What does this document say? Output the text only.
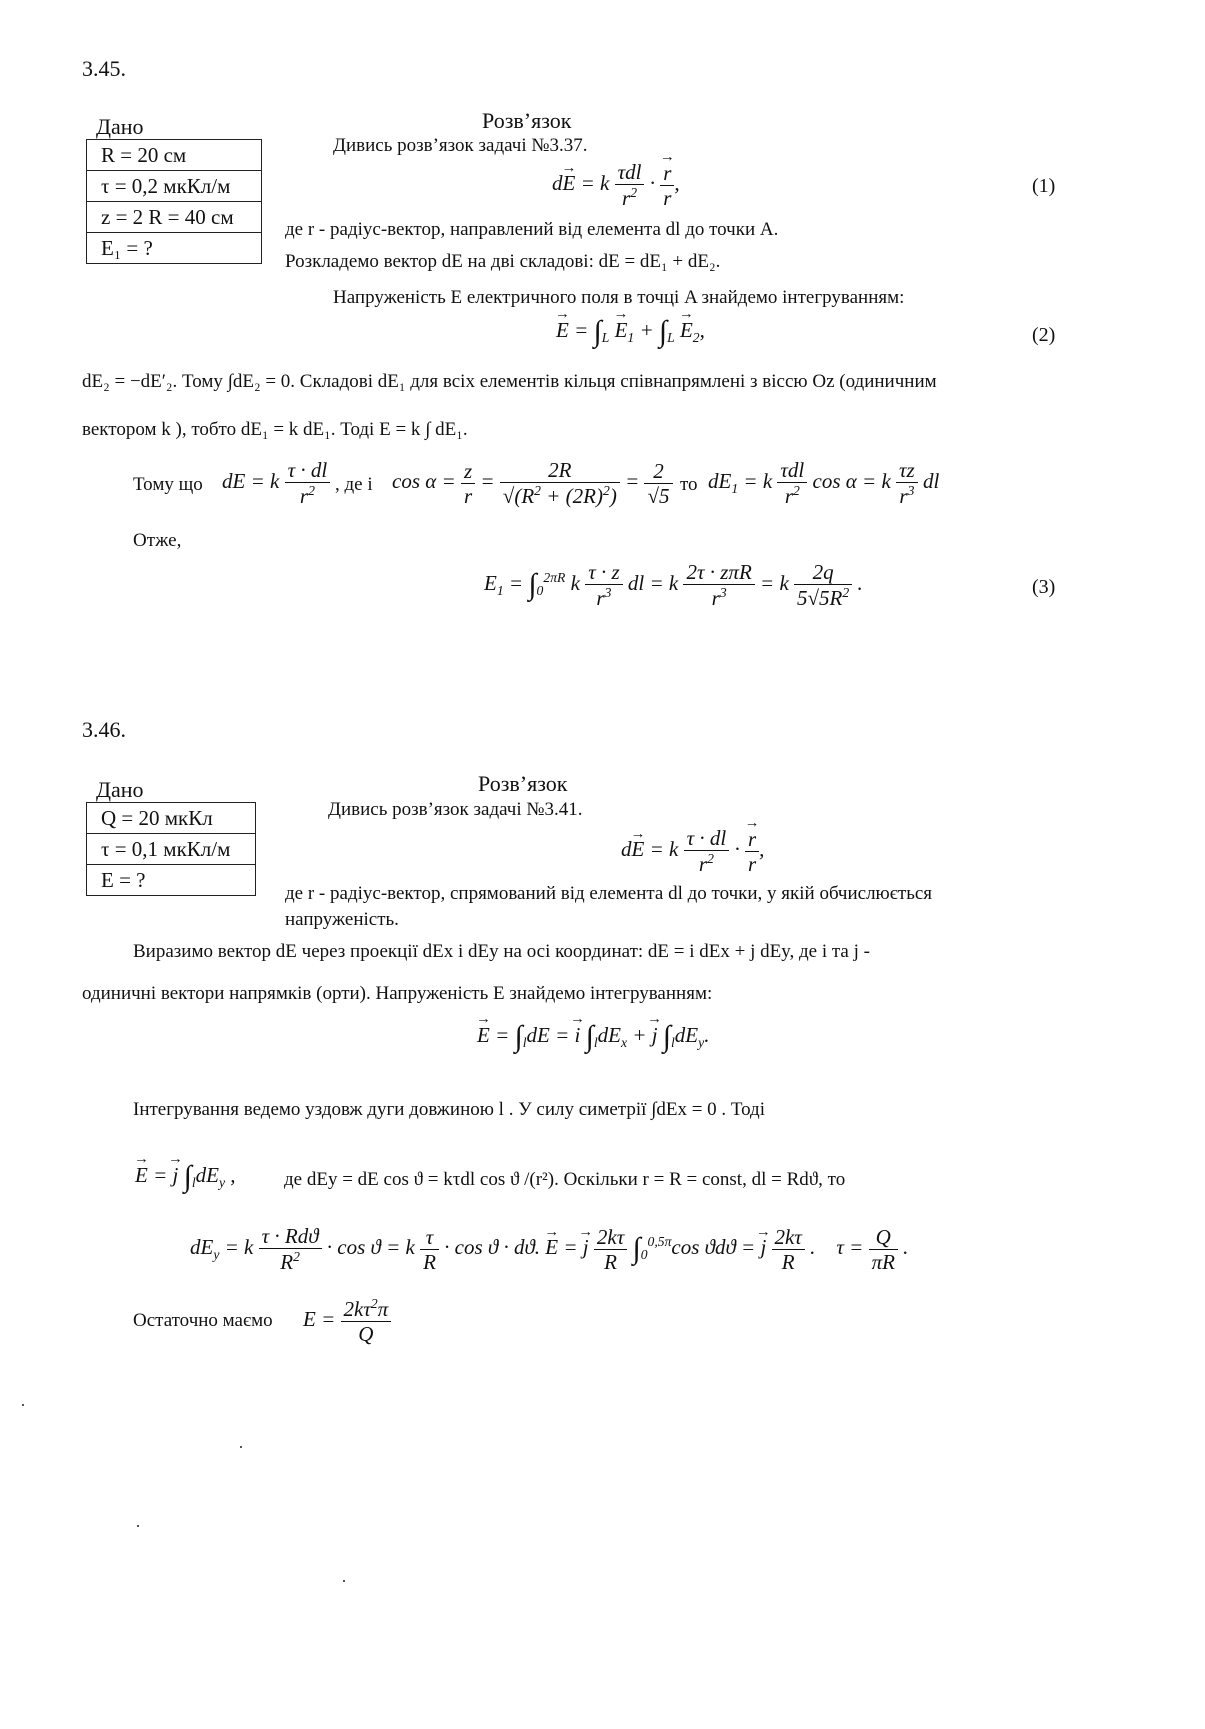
3.45.
Дано
R = 20 см
τ = 0,2 мкКл/м
z = 2 R = 40 см
E₁ = ?
Розв’язок
Дивись розв’язок задачі №3.37.
d→ E = k $\frac{\text{τdl}}{r^2}$ · → $\frac{r}{r}$ ,	(1)
де r - радіус-вектор, направлений від елемента dl до точки A.
Розкладемо вектор dE на дві складові: dE = dE₁ + dE₂.
Напруженість E електричного поля в точці A знайдемо інтегруванням:
→ $E = \int_L \to E_1 + \int_L \to E_2$,	(2)
dE₂ = −dE′₂. Тому ∫dE₂ = 0. Складові dE₁ для всіх елементів кільця співнапрямлені з віссю Oz (одиничним
вектором k ), тобто dE₁ = k dE₁. Тоді E = k ∫ dE₁.
Тому що dE = k $\frac{\tau \cdot dl}{r^2}$ , де і $\cos \alpha = \frac{z}{r} = \frac{2R}{√(R^2 + (2R)^2)} = \frac{2}{√5}$ то $dE_1 = k \frac{\text{τdl}}{r^2}$ cos α = k $\frac{\tau z}{r^3}$ dl
Отже,
$E_1 = \int_0^{2\pi R}$ k $\frac{\tau \cdot z}{r^3}$ dl = k $\frac{\text{2τ · zπR}}{r^3} = k \frac{2q}{5√5R^2}$ .	(3)
3.46.
Дано
Q = 20 мкКл
τ = 0,1 мкКл/м
E = ?
Розв’язок
Дивись розв’язок задачі №3.41.
d→ E = k $\frac{\tau \cdot dl}{r^2}$ · → $\frac{r}{r}$ ,
де r - радіус-вектор, спрямований від елемента dl до точки, у якій обчислюється
напруженість.
Виразимо вектор dE через проекції dEx і dEy на осі координат: dE = i dEx + j dEy, де i та j -
одиничні вектори напрямків (орти). Напруженість E знайдемо інтегруванням:
→ $E = \int_ldE$ = → i $\int_ldE_x$ + → j $\int_ldE_y$.
Інтегрування ведемо уздовж дуги довжиною l . У силу симетрії ∫dEx = 0 . Тоді
→ E = → j $\int_ldE_y$ ,	де dEy = dE cos ϑ = kτdl cos ϑ /(r²). Оскільки r = R = const, dl = Rdϑ, то
$dE_y = k \frac{\text{τ · Rdϑ}}{R^2} \cdot \cos ϑ = k \frac{\tau}{R} \cdot \cos ϑ \cdot dϑ$. → E = → j $\frac{2k\tau}{R} \int_0^{0,5\pi}\cos$ ϑdϑ = → j $\frac{2k\tau}{R}$ .    $\tau = \frac{Q}{\pi R}$ .
Остаточно маємо $E = \frac{2k\tau^2\pi}{Q}$
